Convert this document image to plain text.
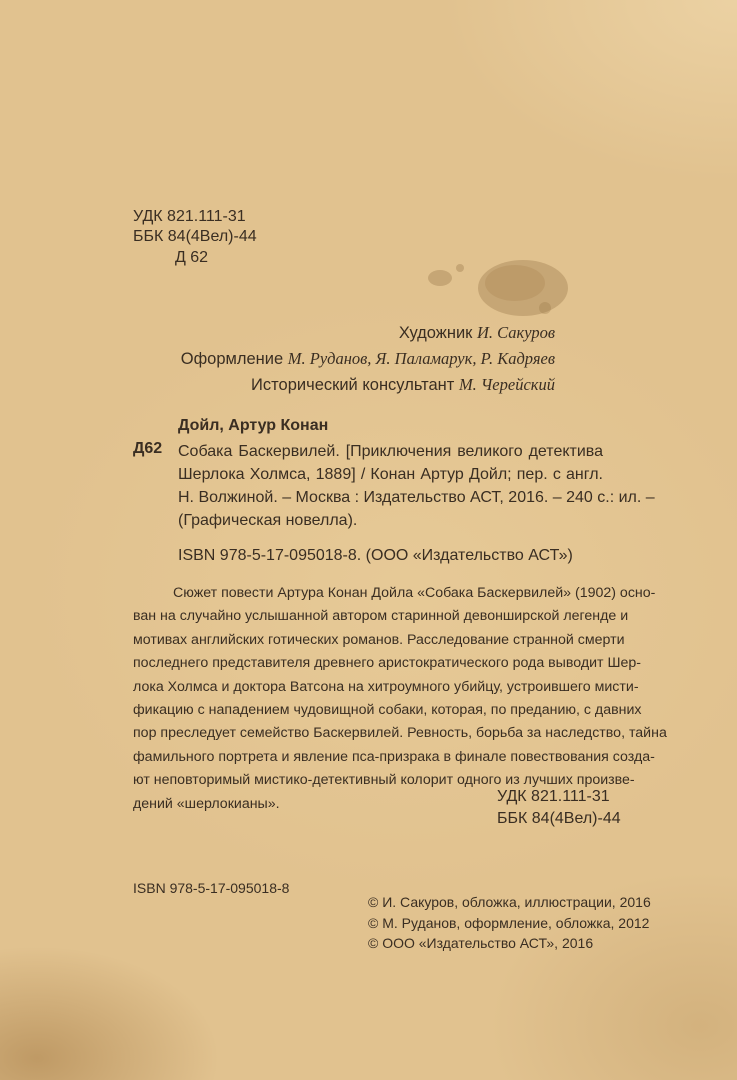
УДК 821.111-31

ББК 84(4Вел)-44

Д 62

Художник И. Сакуров

Оформление М. Руданов, Я. Паламарук, Р. Кадряев

Исторический консультант М. Черейский

Дойл, Артур Конан

Д62 Собака Баскервилей. [Приключения великого детектива
Шерлока Холмса, 1889] / Конан Артур Дойл; пер. с англ.
Н. Волжиной. – Москва : Издательство АСТ, 2016. – 240 с.: ил. –
(Графическая новелла).

ISBN 978-5-17-095018-8. (ООО «Издательство АСТ»)

Сюжет повести Артура Конан Дойла «Собака Баскервилей» (1902) осно-
ван на случайно услышанной автором старинной девонширской легенде и
мотивах английских готических романов. Расследование странной смерти
последнего представителя древнего аристократического рода выводит Шер-
лока Холмса и доктора Ватсона на хитроумного убийцу, устроившего мисти-
фикацию с нападением чудовищной собаки, которая, по преданию, с давних
пор преследует семейство Баскервилей. Ревность, борьба за наследство, тайна
фамильного портрета и явление пса-призрака в финале повествования созда-
ют неповторимый мистико-детективный колорит одного из лучших произве-
дений «шерлокианы».	УДК 821.111-31

ББК 84(4Вел)-44

ISBN 978-5-17-095018-8

© И. Сакуров, обложка, иллюстрации, 2016

© М. Руданов, оформление, обложка, 2012

© ООО «Издательство АСТ», 2016
